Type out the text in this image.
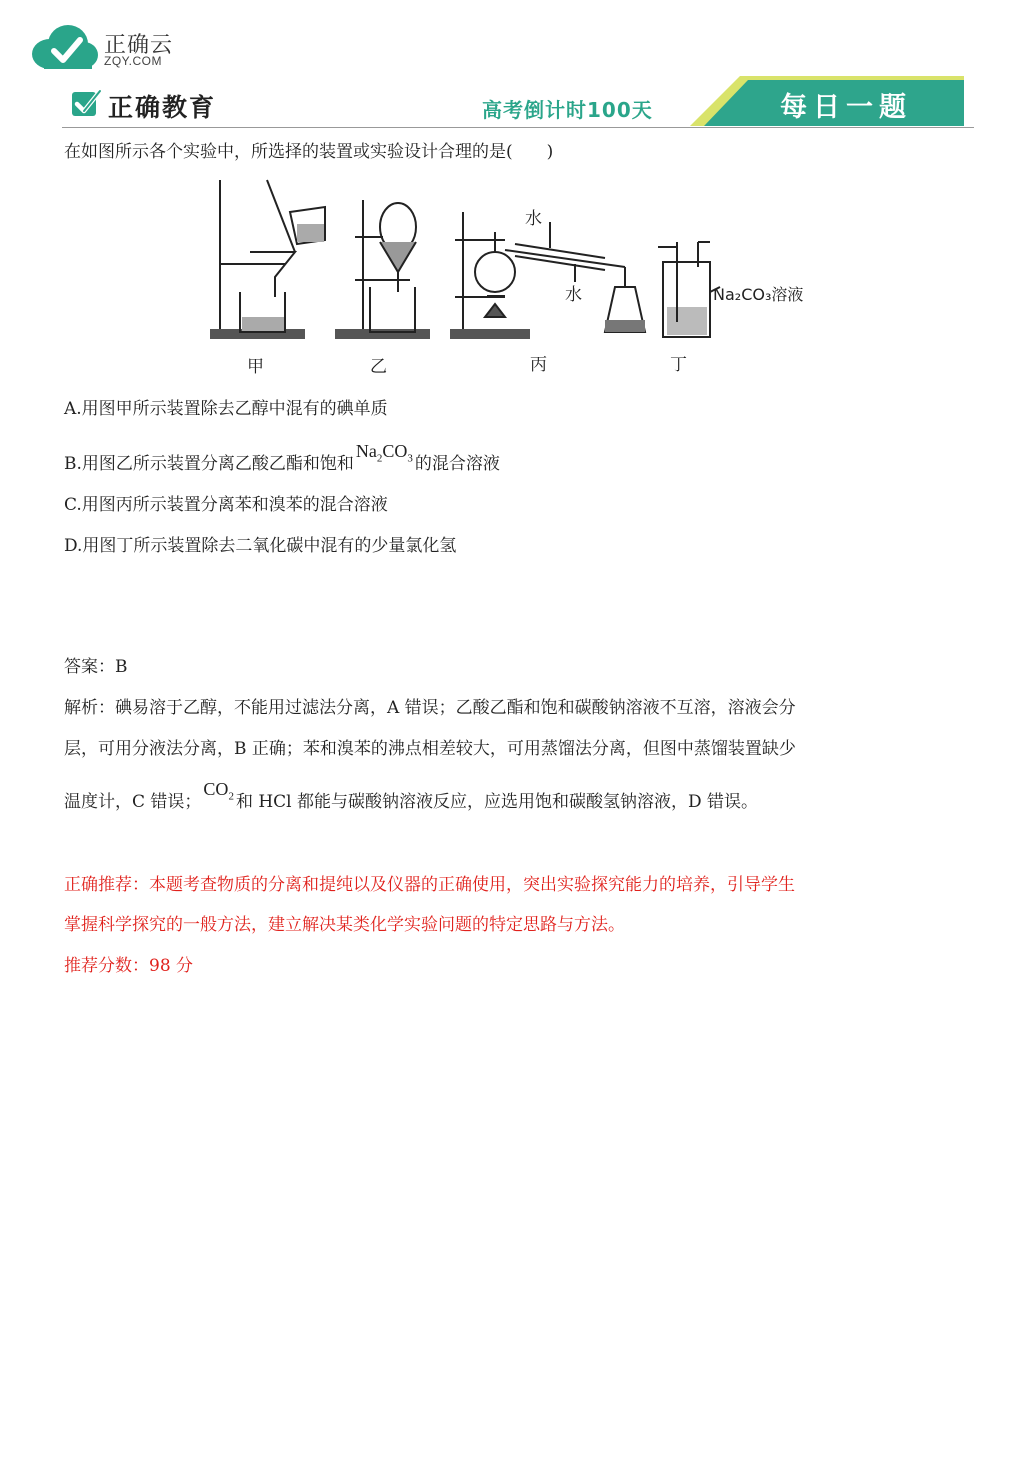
正确云
ZQY.COM
正确教育	高考倒计时100天	每日一题
在如图所示各个实验中，所选择的装置或实验设计合理的是(　　)
水
水	Na₂CO₃溶液
甲	乙	丙	丁
A.用图甲所示装置除去乙醇中混有的碘单质
B.用图乙所示装置分离乙酸乙酯和饱和$Na_2CO_3$ 的混合溶液
C.用图丙所示装置分离苯和溴苯的混合溶液
D.用图丁所示装置除去二氧化碳中混有的少量氯化氢
答案：B
解析：碘易溶于乙醇，不能用过滤法分离，A 错误；乙酸乙酯和饱和碳酸钠溶液不互溶，溶液会分
层，可用分液法分离，B 正确；苯和溴苯的沸点相差较大，可用蒸馏法分离，但图中蒸馏装置缺少
温度计，C 错误；$CO_2$ 和 HCl 都能与碳酸钠溶液反应，应选用饱和碳酸氢钠溶液，D 错误。
正确推荐：本题考查物质的分离和提纯以及仪器的正确使用，突出实验探究能力的培养，引导学生
掌握科学探究的一般方法，建立解决某类化学实验问题的特定思路与方法。
推荐分数：98 分
